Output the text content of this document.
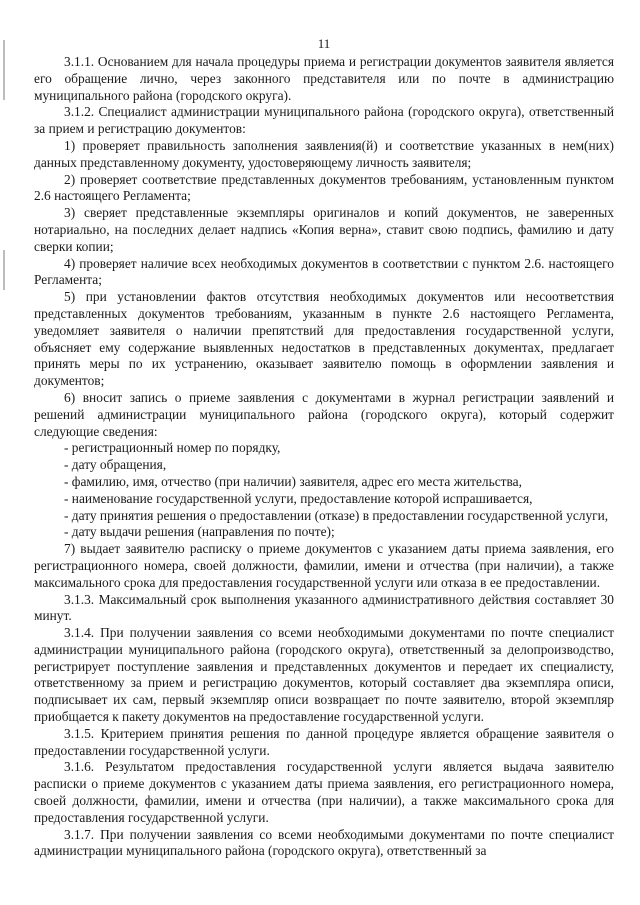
11

3.1.1. Основанием для начала процедуры приема и регистрации документов заявителя является его обращение лично, через законного представителя или по почте в администрацию муниципального района (городского округа).

3.1.2. Специалист администрации муниципального района (городского округа), ответственный за прием и регистрацию документов:

1) проверяет правильность заполнения заявления(й) и соответствие указанных в нем(них) данных представленному документу, удостоверяющему личность заявителя;

2) проверяет соответствие представленных документов требованиям, установленным пунктом 2.6 настоящего Регламента;

3) сверяет представленные экземпляры оригиналов и копий документов, не заверенных нотариально, на последних делает надпись «Копия верна», ставит свою подпись, фамилию и дату сверки копии;

4) проверяет наличие всех необходимых документов в соответствии с пунктом 2.6. настоящего Регламента;

5) при установлении фактов отсутствия необходимых документов или несоответствия представленных документов требованиям, указанным в пункте 2.6 настоящего Регламента, уведомляет заявителя о наличии препятствий для предоставления государственной услуги, объясняет ему содержание выявленных недостатков в представленных документах, предлагает принять меры по их устранению, оказывает заявителю помощь в оформлении заявления и документов;

6) вносит запись о приеме заявления с документами в журнал регистрации заявлений и решений администрации муниципального района (городского округа), который содержит следующие сведения:

- регистрационный номер по порядку,

- дату обращения,

- фамилию, имя, отчество (при наличии) заявителя, адрес его места жительства,

- наименование государственной услуги, предоставление которой испрашивается,

- дату принятия решения о предоставлении (отказе) в предоставлении государственной услуги,

- дату выдачи решения (направления по почте);

7) выдает заявителю расписку о приеме документов с указанием даты приема заявления, его регистрационного номера, своей должности, фамилии, имени и отчества (при наличии), а также максимального срока для предоставления государственной услуги или отказа в ее предоставлении.

3.1.3. Максимальный срок выполнения указанного административного действия составляет 30 минут.

3.1.4. При получении заявления со всеми необходимыми документами по почте специалист администрации муниципального района (городского округа), ответственный за делопроизводство, регистрирует поступление заявления и представленных документов и передает их специалисту, ответственному за прием и регистрацию документов, который составляет два экземпляра описи, подписывает их сам, первый экземпляр описи возвращает по почте заявителю, второй экземпляр приобщается к пакету документов на предоставление государственной услуги.

3.1.5. Критерием принятия решения по данной процедуре является обращение заявителя о предоставлении государственной услуги.

3.1.6. Результатом предоставления государственной услуги является выдача заявителю расписки о приеме документов с указанием даты приема заявления, его регистрационного номера, своей должности, фамилии, имени и отчества (при наличии), а также максимального срока для предоставления государственной услуги.

3.1.7. При получении заявления со всеми необходимыми документами по почте специалист администрации муниципального района (городского округа), ответственный за
